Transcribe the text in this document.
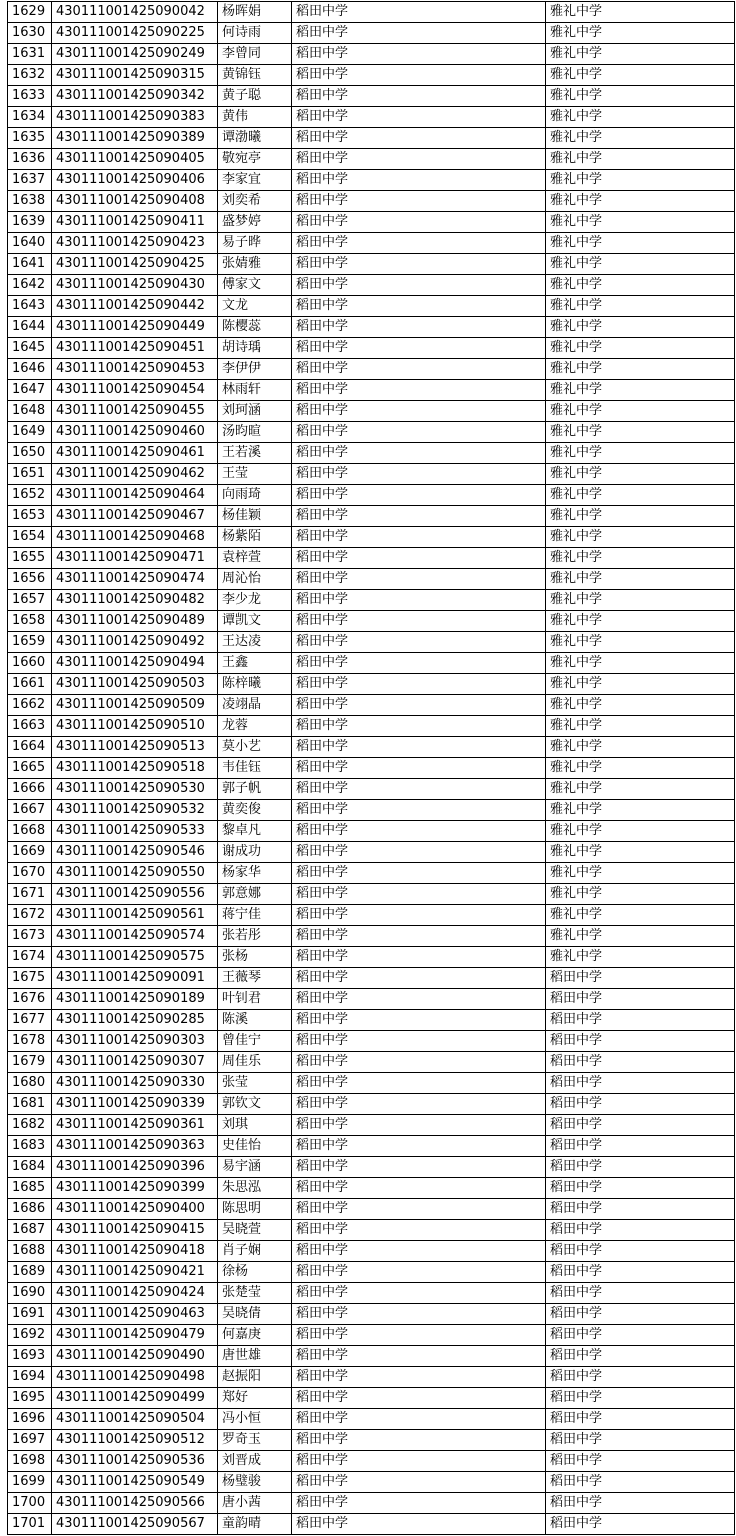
1629	430111001425090042	杨晖娟	稻田中学	雅礼中学
1630	430111001425090225	何诗雨	稻田中学	雅礼中学
1631	430111001425090249	李曾同	稻田中学	雅礼中学
1632	430111001425090315	黄锦钰	稻田中学	雅礼中学
1633	430111001425090342	黄子聪	稻田中学	雅礼中学
1634	430111001425090383	黄伟	稻田中学	雅礼中学
1635	430111001425090389	谭渤曦	稻田中学	雅礼中学
1636	430111001425090405	敬宛亭	稻田中学	雅礼中学
1637	430111001425090406	李家宜	稻田中学	雅礼中学
1638	430111001425090408	刘奕希	稻田中学	雅礼中学
1639	430111001425090411	盛梦婷	稻田中学	雅礼中学
1640	430111001425090423	易子晔	稻田中学	雅礼中学
1641	430111001425090425	张婧雅	稻田中学	雅礼中学
1642	430111001425090430	傅家文	稻田中学	雅礼中学
1643	430111001425090442	文龙	稻田中学	雅礼中学
1644	430111001425090449	陈樱蕊	稻田中学	雅礼中学
1645	430111001425090451	胡诗瑀	稻田中学	雅礼中学
1646	430111001425090453	李伊伊	稻田中学	雅礼中学
1647	430111001425090454	林雨轩	稻田中学	雅礼中学
1648	430111001425090455	刘珂涵	稻田中学	雅礼中学
1649	430111001425090460	汤昀暄	稻田中学	雅礼中学
1650	430111001425090461	王若溪	稻田中学	雅礼中学
1651	430111001425090462	王莹	稻田中学	雅礼中学
1652	430111001425090464	向雨琦	稻田中学	雅礼中学
1653	430111001425090467	杨佳颖	稻田中学	雅礼中学
1654	430111001425090468	杨紫陌	稻田中学	雅礼中学
1655	430111001425090471	袁梓萱	稻田中学	雅礼中学
1656	430111001425090474	周沁怡	稻田中学	雅礼中学
1657	430111001425090482	李少龙	稻田中学	雅礼中学
1658	430111001425090489	谭凯文	稻田中学	雅礼中学
1659	430111001425090492	王达凌	稻田中学	雅礼中学
1660	430111001425090494	王鑫	稻田中学	雅礼中学
1661	430111001425090503	陈梓曦	稻田中学	雅礼中学
1662	430111001425090509	凌翊晶	稻田中学	雅礼中学
1663	430111001425090510	龙蓉	稻田中学	雅礼中学
1664	430111001425090513	莫小艺	稻田中学	雅礼中学
1665	430111001425090518	韦佳钰	稻田中学	雅礼中学
1666	430111001425090530	郭子帆	稻田中学	雅礼中学
1667	430111001425090532	黄奕俊	稻田中学	雅礼中学
1668	430111001425090533	黎卓凡	稻田中学	雅礼中学
1669	430111001425090546	谢成功	稻田中学	雅礼中学
1670	430111001425090550	杨家华	稻田中学	雅礼中学
1671	430111001425090556	郭意娜	稻田中学	雅礼中学
1672	430111001425090561	蒋宁佳	稻田中学	雅礼中学
1673	430111001425090574	张若彤	稻田中学	雅礼中学
1674	430111001425090575	张杨	稻田中学	雅礼中学
1675	430111001425090091	王薇琴	稻田中学	稻田中学
1676	430111001425090189	叶钊君	稻田中学	稻田中学
1677	430111001425090285	陈溪	稻田中学	稻田中学
1678	430111001425090303	曾佳宁	稻田中学	稻田中学
1679	430111001425090307	周佳乐	稻田中学	稻田中学
1680	430111001425090330	张莹	稻田中学	稻田中学
1681	430111001425090339	郭钦文	稻田中学	稻田中学
1682	430111001425090361	刘琪	稻田中学	稻田中学
1683	430111001425090363	史佳怡	稻田中学	稻田中学
1684	430111001425090396	易宇涵	稻田中学	稻田中学
1685	430111001425090399	朱思泓	稻田中学	稻田中学
1686	430111001425090400	陈思明	稻田中学	稻田中学
1687	430111001425090415	吴晓萱	稻田中学	稻田中学
1688	430111001425090418	肖子娴	稻田中学	稻田中学
1689	430111001425090421	徐杨	稻田中学	稻田中学
1690	430111001425090424	张楚莹	稻田中学	稻田中学
1691	430111001425090463	吴晓倩	稻田中学	稻田中学
1692	430111001425090479	何嘉庚	稻田中学	稻田中学
1693	430111001425090490	唐世雄	稻田中学	稻田中学
1694	430111001425090498	赵振阳	稻田中学	稻田中学
1695	430111001425090499	郑好	稻田中学	稻田中学
1696	430111001425090504	冯小恒	稻田中学	稻田中学
1697	430111001425090512	罗奇玉	稻田中学	稻田中学
1698	430111001425090536	刘晋成	稻田中学	稻田中学
1699	430111001425090549	杨璧骏	稻田中学	稻田中学
1700	430111001425090566	唐小茜	稻田中学	稻田中学
1701	430111001425090567	童韵晴	稻田中学	稻田中学
